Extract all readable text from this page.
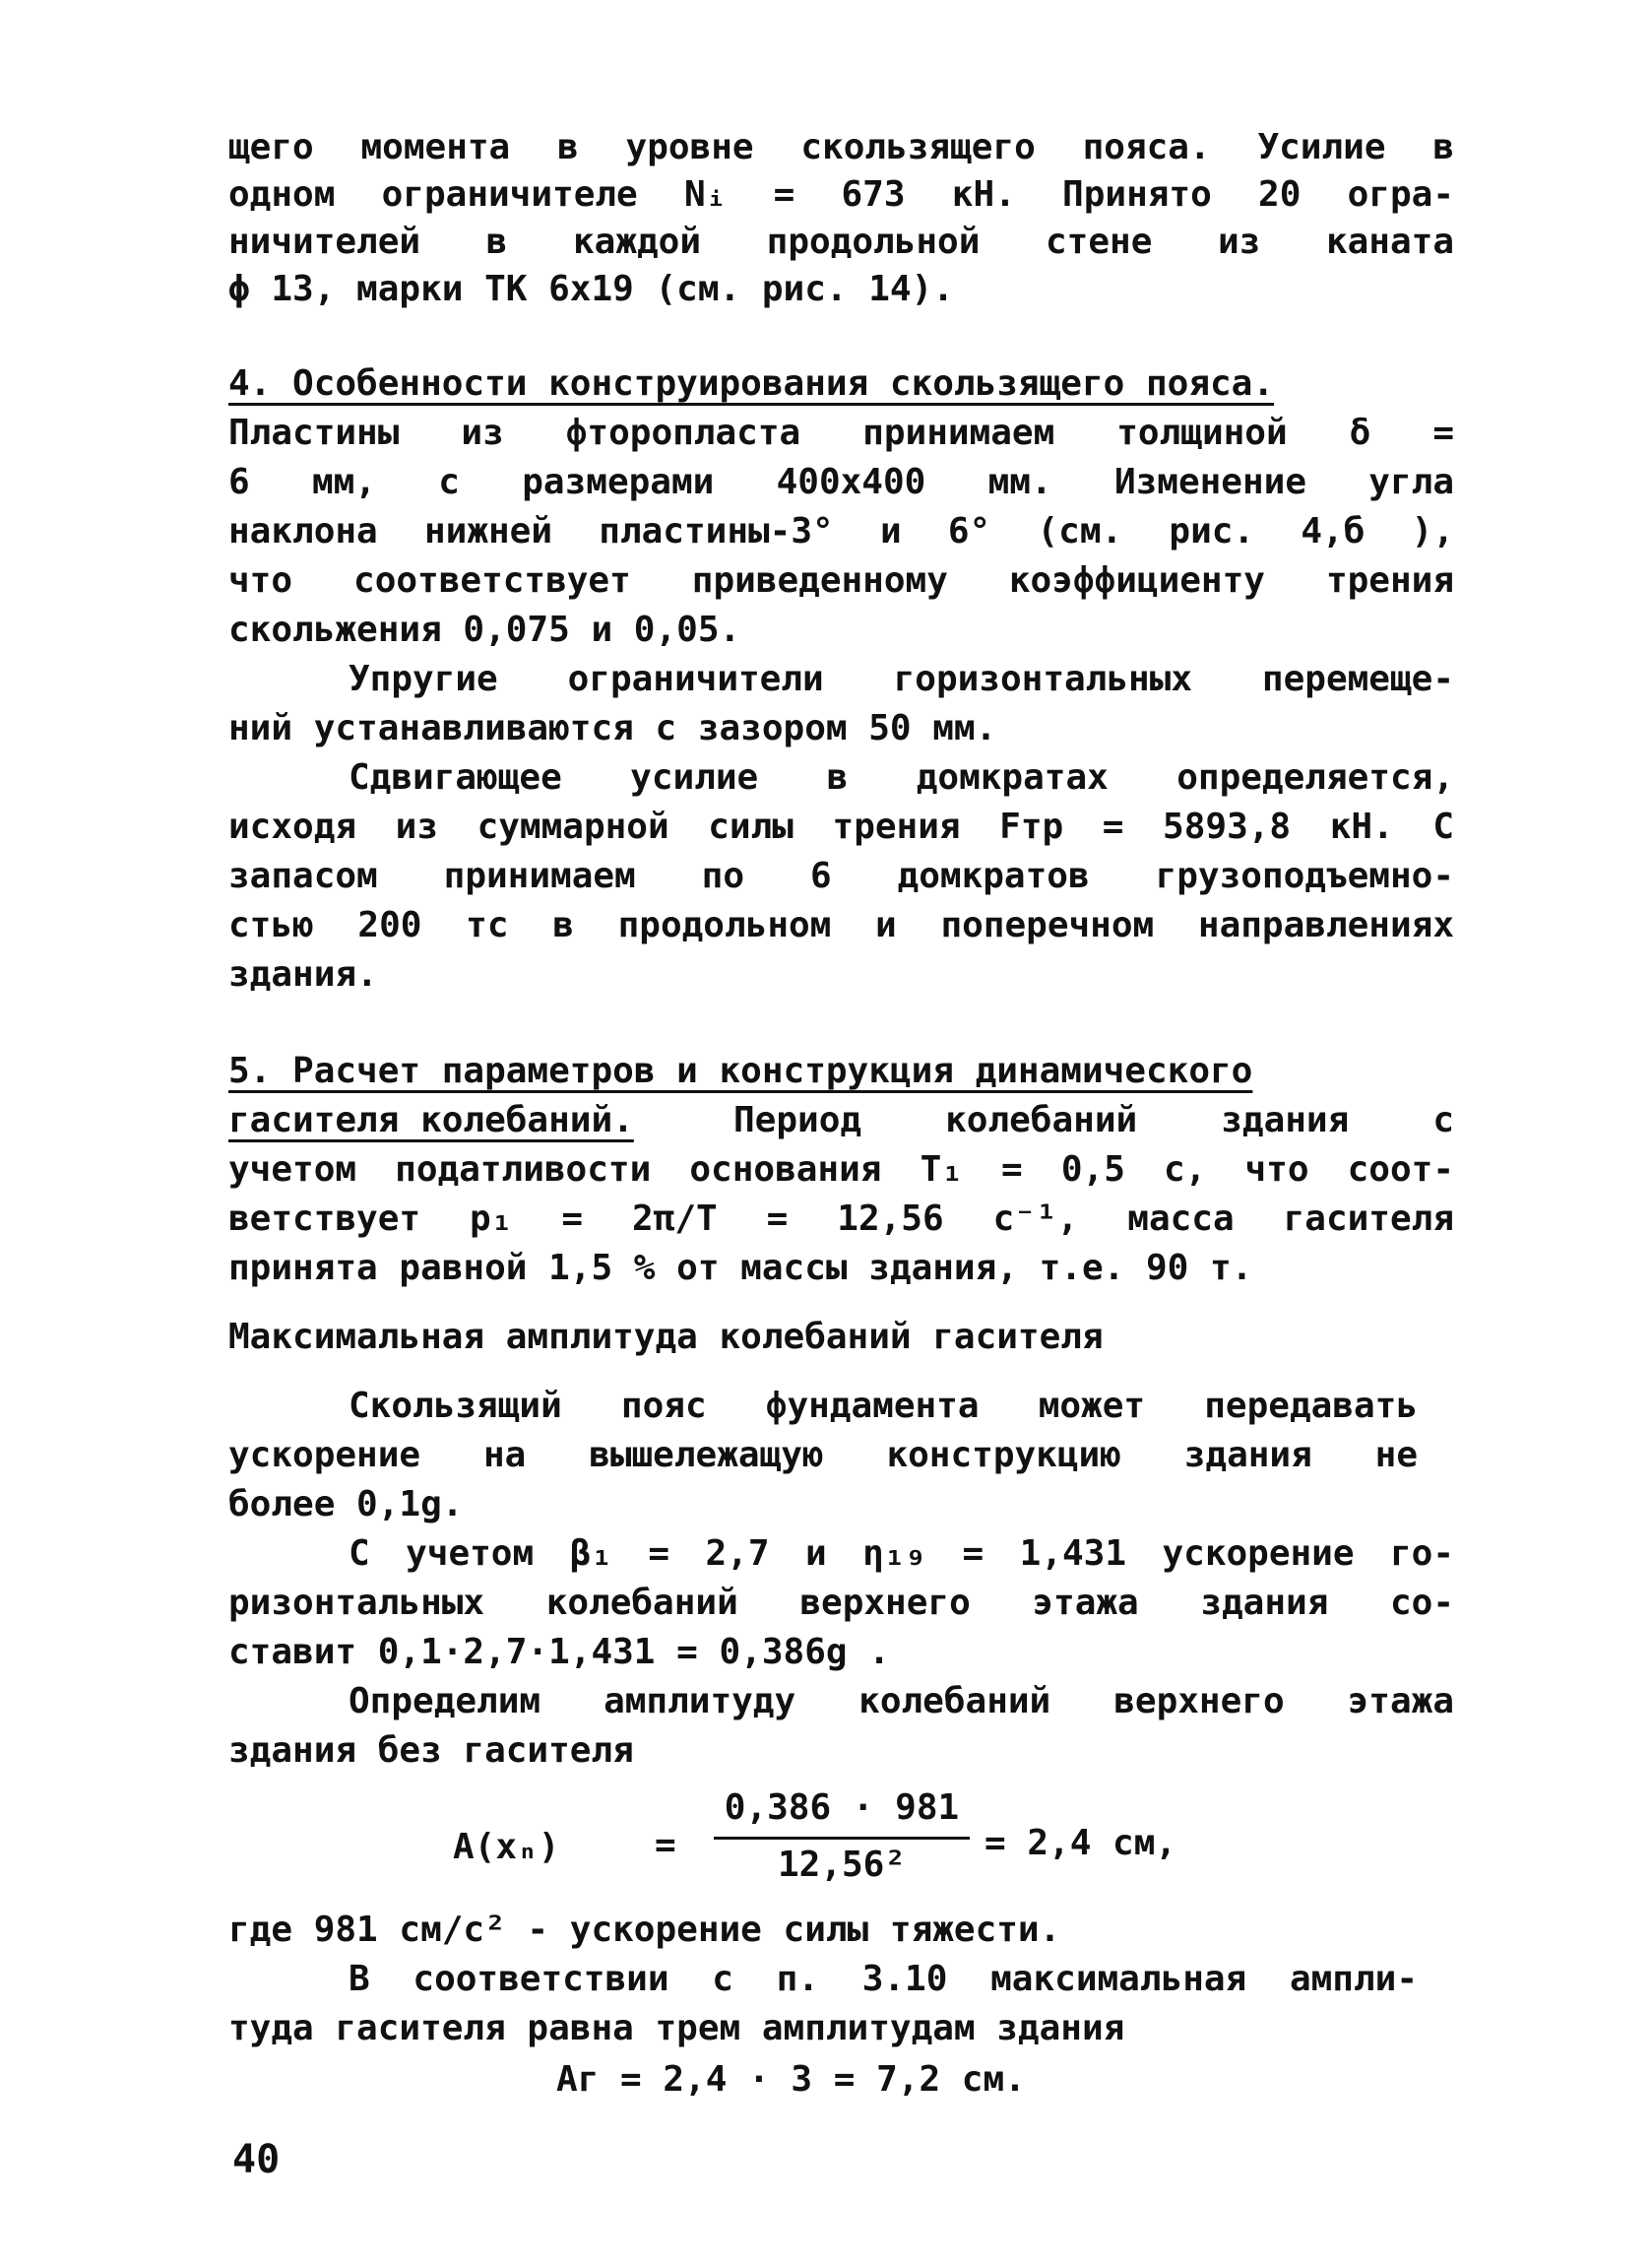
щего момента в уровне скользящего пояса. Усилие в
одном ограничителе Nᵢ = 673 кН. Принято 20 огра-
ничителей в каждой продольной стене из каната
ϕ 13, марки ТК 6х19 (см. рис. 14).
4. Особенности конструирования скользящего пояса.
Пластины из фторопласта принимаем толщиной δ =
6 мм, с размерами 400х400 мм. Изменение угла
наклона нижней пластины-3° и 6° (см. рис. 4,б ),
что соответствует приведенному коэффициенту трения
скольжения 0,075 и 0,05.
Упругие ограничители горизонтальных перемеще-
ний устанавливаются с зазором 50 мм.
Сдвигающее усилие в домкратах определяется,
исходя из суммарной силы трения Fтр = 5893,8 кН. С
запасом принимаем по 6 домкратов грузоподъемно-
стью 200 тс в продольном и поперечном направлениях
здания.
5. Расчет параметров и конструкция динамического
гасителя колебаний.	Период колебаний здания с
учетом податливости основания T₁ = 0,5 с, что соот-
ветствует p₁ = 2π/T = 12,56 с⁻¹, масса гасителя
принята равной 1,5 % от массы здания, т.е. 90 т.
Максимальная амплитуда колебаний гасителя
Скользящий пояс фундамента может передавать
ускорение на вышележащую конструкцию здания не
более 0,1g.
С учетом β₁ = 2,7 и η₁₉ = 1,431 ускорение го-
ризонтальных колебаний верхнего этажа здания со-
ставит 0,1·2,7·1,431 = 0,386g .
Определим амплитуду колебаний верхнего этажа
здания без гасителя
A(xₙ)	=
0,386 · 981
12,56²
= 2,4 см,
где 981 см/с² - ускорение силы тяжести.
В соответствии с п. 3.10 максимальная ампли-
туда гасителя равна трем амплитудам здания
Aг = 2,4 · 3 = 7,2 см.
40
